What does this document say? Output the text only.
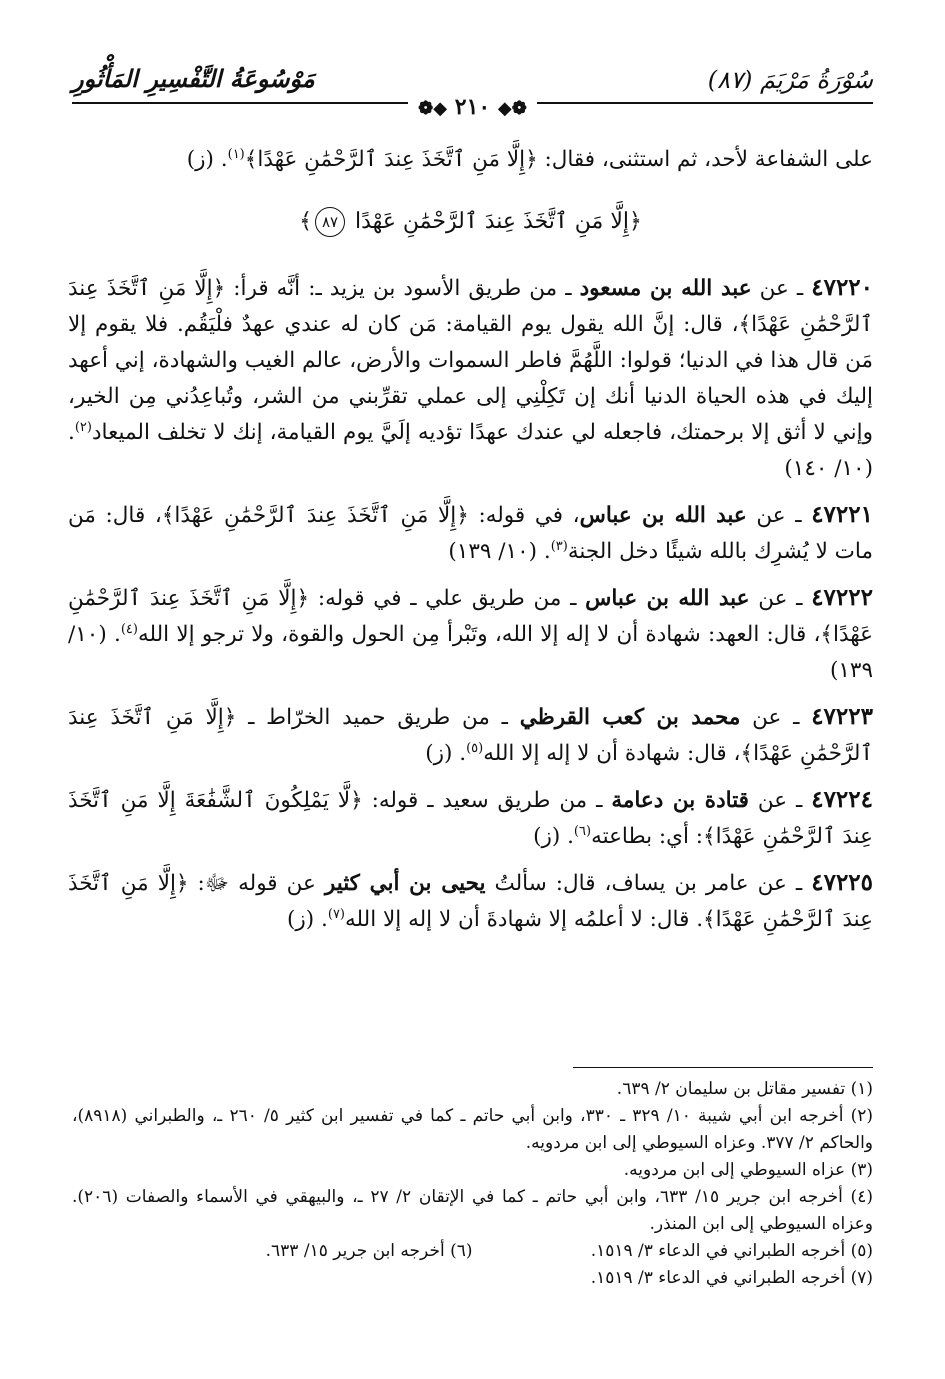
سُوْرَةُ مَرْيَمَ (٨٧)
مَوْسُوعَةُ التَّفْسِيرِ المَأْثُورِ
❁◆ ٢١٠ ◆❁

على الشفاعة لأحد، ثم استثنى، فقال: ﴿إِلَّا مَنِ ٱتَّخَذَ عِندَ ٱلرَّحْمَٰنِ عَهْدًا﴾$^{(١)}$. (ز)

﴿إِلَّا مَنِ ٱتَّخَذَ عِندَ ٱلرَّحْمَٰنِ عَهْدًا ٨٧﴾

٤٧٢٢٠ ـ عن عبد الله بن مسعود ـ من طريق الأسود بن يزيد ـ: أنَّه قرأ: ﴿إِلَّا مَنِ ٱتَّخَذَ عِندَ ٱلرَّحْمَٰنِ عَهْدًا﴾، قال: إنَّ الله يقول يوم القيامة: مَن كان له عندي عهدٌ فلْيَقُم. فلا يقوم إلا مَن قال هذا في الدنيا؛ قولوا: اللَّهُمَّ فاطر السموات والأرض، عالم الغيب والشهادة، إني أعهد إليك في هذه الحياة الدنيا أنك إن تَكِلْنِي إلى عملي تقرِّبني من الشر، وتُباعِدُني مِن الخير، وإني لا أثق إلا برحمتك، فاجعله لي عندك عهدًا تؤديه إلَيَّ يوم القيامة، إنك لا تخلف الميعاد$^{(٢)}$. (١٠/ ١٤٠)

٤٧٢٢١ ـ عن عبد الله بن عباس، في قوله: ﴿إِلَّا مَنِ ٱتَّخَذَ عِندَ ٱلرَّحْمَٰنِ عَهْدًا﴾، قال: مَن مات لا يُشرِك بالله شيئًا دخل الجنة$^{(٣)}$. (١٠/ ١٣٩)

٤٧٢٢٢ ـ عن عبد الله بن عباس ـ من طريق علي ـ في قوله: ﴿إِلَّا مَنِ ٱتَّخَذَ عِندَ ٱلرَّحْمَٰنِ عَهْدًا﴾، قال: العهد: شهادة أن لا إله إلا الله، وتَبْرأ مِن الحول والقوة، ولا ترجو إلا الله$^{(٤)}$. (١٠/ ١٣٩)

٤٧٢٢٣ ـ عن محمد بن كعب القرظي ـ من طريق حميد الخرّاط ـ ﴿إِلَّا مَنِ ٱتَّخَذَ عِندَ ٱلرَّحْمَٰنِ عَهْدًا﴾، قال: شهادة أن لا إله إلا الله$^{(٥)}$. (ز)

٤٧٢٢٤ ـ عن قتادة بن دعامة ـ من طريق سعيد ـ قوله: ﴿لَّا يَمْلِكُونَ ٱلشَّفَٰعَةَ إِلَّا مَنِ ٱتَّخَذَ عِندَ ٱلرَّحْمَٰنِ عَهْدًا﴾: أي: بطاعته$^{(٦)}$. (ز)

٤٧٢٢٥ ـ عن عامر بن يساف، قال: سألتُ يحيى بن أبي كثير عن قوله ﷻ: ﴿إِلَّا مَنِ ٱتَّخَذَ عِندَ ٱلرَّحْمَٰنِ عَهْدًا﴾. قال: لا أعلمُه إلا شهادةَ أن لا إله إلا الله$^{(٧)}$. (ز)

(١) تفسير مقاتل بن سليمان ٢/ ٦٣٩.

(٢) أخرجه ابن أبي شيبة ١٠/ ٣٢٩ ـ ٣٣٠، وابن أبي حاتم ـ كما في تفسير ابن كثير ٥/ ٢٦٠ ـ، والطبراني (٨٩١٨)، والحاكم ٢/ ٣٧٧. وعزاه السيوطي إلى ابن مردويه.

(٣) عزاه السيوطي إلى ابن مردويه.

(٤) أخرجه ابن جرير ١٥/ ٦٣٣، وابن أبي حاتم ـ كما في الإتقان ٢/ ٢٧ ـ، والبيهقي في الأسماء والصفات (٢٠٦). وعزاه السيوطي إلى ابن المنذر.

(٥) أخرجه الطبراني في الدعاء ٣/ ١٥١٩.

(٦) أخرجه ابن جرير ١٥/ ٦٣٣.

(٧) أخرجه الطبراني في الدعاء ٣/ ١٥١٩.
